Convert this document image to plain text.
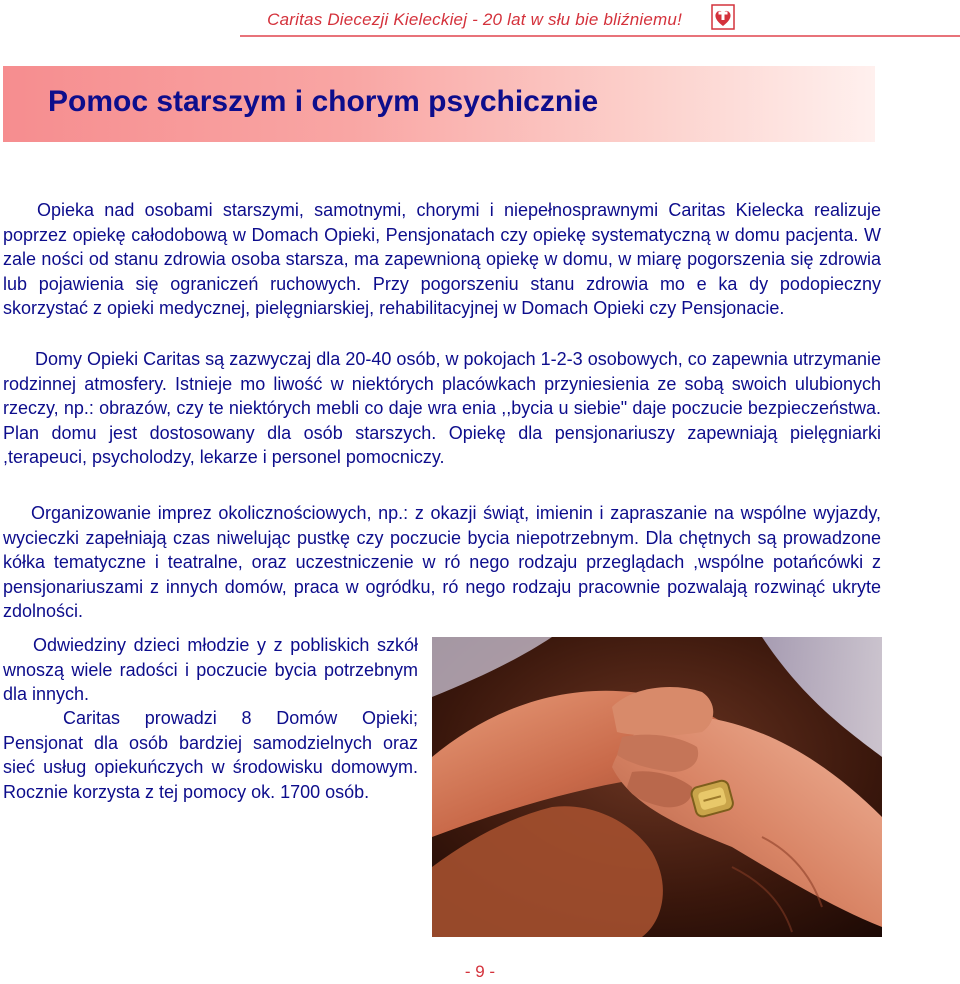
Caritas Diecezji Kieleckiej - 20 lat w słu bie bliźniemu!
Pomoc starszym i chorym psychicznie

Opieka nad osobami starszymi, samotnymi, chorymi i niepełnosprawnymi Caritas Kielecka realizuje poprzez opiekę całodobową w Domach Opieki, Pensjonatach czy opiekę systematyczną w domu pacjenta. W zale ności od stanu zdrowia osoba starsza, ma zapewnioną opiekę w domu, w miarę pogorszenia się zdrowia lub pojawienia się ograniczeń ruchowych. Przy pogorszeniu stanu zdrowia mo e ka dy podopieczny skorzystać z opieki medycznej, pielęgniarskiej, rehabilitacyjnej w Domach Opieki czy Pensjonacie.

Domy Opieki Caritas są zazwyczaj dla 20-40 osób, w pokojach 1-2-3 osobowych, co zapewnia utrzymanie rodzinnej atmosfery. Istnieje mo liwość w niektórych placówkach przyniesienia ze sobą swoich ulubionych rzeczy, np.: obrazów, czy te niektórych mebli co daje wra enia ,,bycia u siebie" daje poczucie bezpieczeństwa. Plan domu jest dostosowany dla osób starszych. Opiekę dla pensjonariuszy zapewniają pielęgniarki ,terapeuci, psycholodzy, lekarze i personel pomocniczy.

Organizowanie imprez okolicznościowych, np.: z okazji świąt, imienin i zapraszanie na wspólne wyjazdy, wycieczki zapełniają czas niwelując pustkę czy poczucie bycia niepotrzebnym. Dla chętnych są prowadzone kółka tematyczne i teatralne, oraz uczestniczenie w ró nego rodzaju przeglądach ,wspólne potańcówki z pensjonariuszami z innych domów, praca w ogródku, ró nego rodzaju pracownie pozwalają rozwinąć ukryte zdolności.

Odwiedziny dzieci młodzie y z pobliskich szkół wnoszą wiele radości i poczucie bycia potrzebnym dla innych.

Caritas prowadzi 8 Domów Opieki; Pensjonat dla osób bardziej samodzielnych oraz sieć usług opiekuńczych w środowisku domowym. Rocznie korzysta z tej pomocy ok. 1700 osób.

- 9 -
